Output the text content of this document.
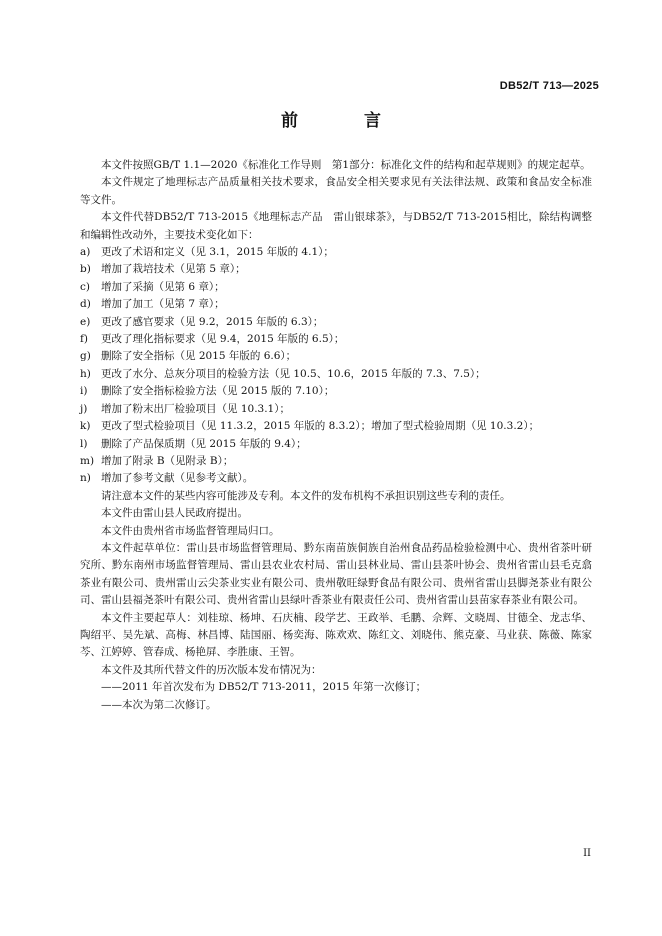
DB52/T 713—2025
前 言

本文件按照GB/T 1.1—2020《标准化工作导则　第1部分：标准化文件的结构和起草规则》的规定起草。

本文件规定了地理标志产品质量相关技术要求，食品安全相关要求见有关法律法规、政策和食品安全标准等文件。

本文件代替DB52/T 713-2015《地理标志产品　雷山银球茶》，与DB52/T 713-2015相比，除结构调整和编辑性改动外，主要技术变化如下：

a)	更改了术语和定义（见 3.1，2015 年版的 4.1）；
b) 增加了栽培技术（见第 5 章）；
c)	增加了采摘（见第 6 章）；
d) 增加了加工（见第 7 章）；
e)	更改了感官要求（见 9.2，2015 年版的 6.3）；
f)	更改了理化指标要求（见 9.4，2015 年版的 6.5）；
g) 删除了安全指标（见 2015 年版的 6.6）；
h) 更改了水分、总灰分项目的检验方法（见 10.5、10.6，2015 年版的 7.3、7.5）；
i)	删除了安全指标检验方法（见 2015 版的 7.10）；
j)	增加了粉末出厂检验项目（见 10.3.1）；
k)	更改了型式检验项目（见 11.3.2，2015 年版的 8.3.2）；增加了型式检验周期（见 10.3.2）；
l)	删除了产品保质期（见 2015 年版的 9.4）；
m) 增加了附录 B（见附录 B）；
n) 增加了参考文献（见参考文献）。

请注意本文件的某些内容可能涉及专利。本文件的发布机构不承担识别这些专利的责任。

本文件由雷山县人民政府提出。

本文件由贵州省市场监督管理局归口。

本文件起草单位：雷山县市场监督管理局、黔东南苗族侗族自治州食品药品检验检测中心、贵州省茶叶研究所、黔东南州市场监督管理局、雷山县农业农村局、雷山县林业局、雷山县茶叶协会、贵州省雷山县毛克翕茶业有限公司、贵州雷山云尖茶业实业有限公司、贵州敬旺绿野食品有限公司、贵州省雷山县脚尧茶业有限公司、雷山县福尧茶叶有限公司、贵州省雷山县绿叶香茶业有限责任公司、贵州省雷山县苗家春茶业有限公司。

本文件主要起草人：刘桂琼、杨坤、石庆楠、段学艺、王政举、毛鹏、佘辉、文晓周、甘德全、龙志华、陶绍平、吴先斌、高梅、林昌博、陆国丽、杨奕海、陈欢欢、陈红文、刘晓伟、熊克豪、马业获、陈薇、陈家芩、江婷婷、管春成、杨艳屏、李胜康、王智。

本文件及其所代替文件的历次版本发布情况为：

——2011 年首次发布为 DB52/T 713-2011，2015 年第一次修订；

——本次为第二次修订。

II
